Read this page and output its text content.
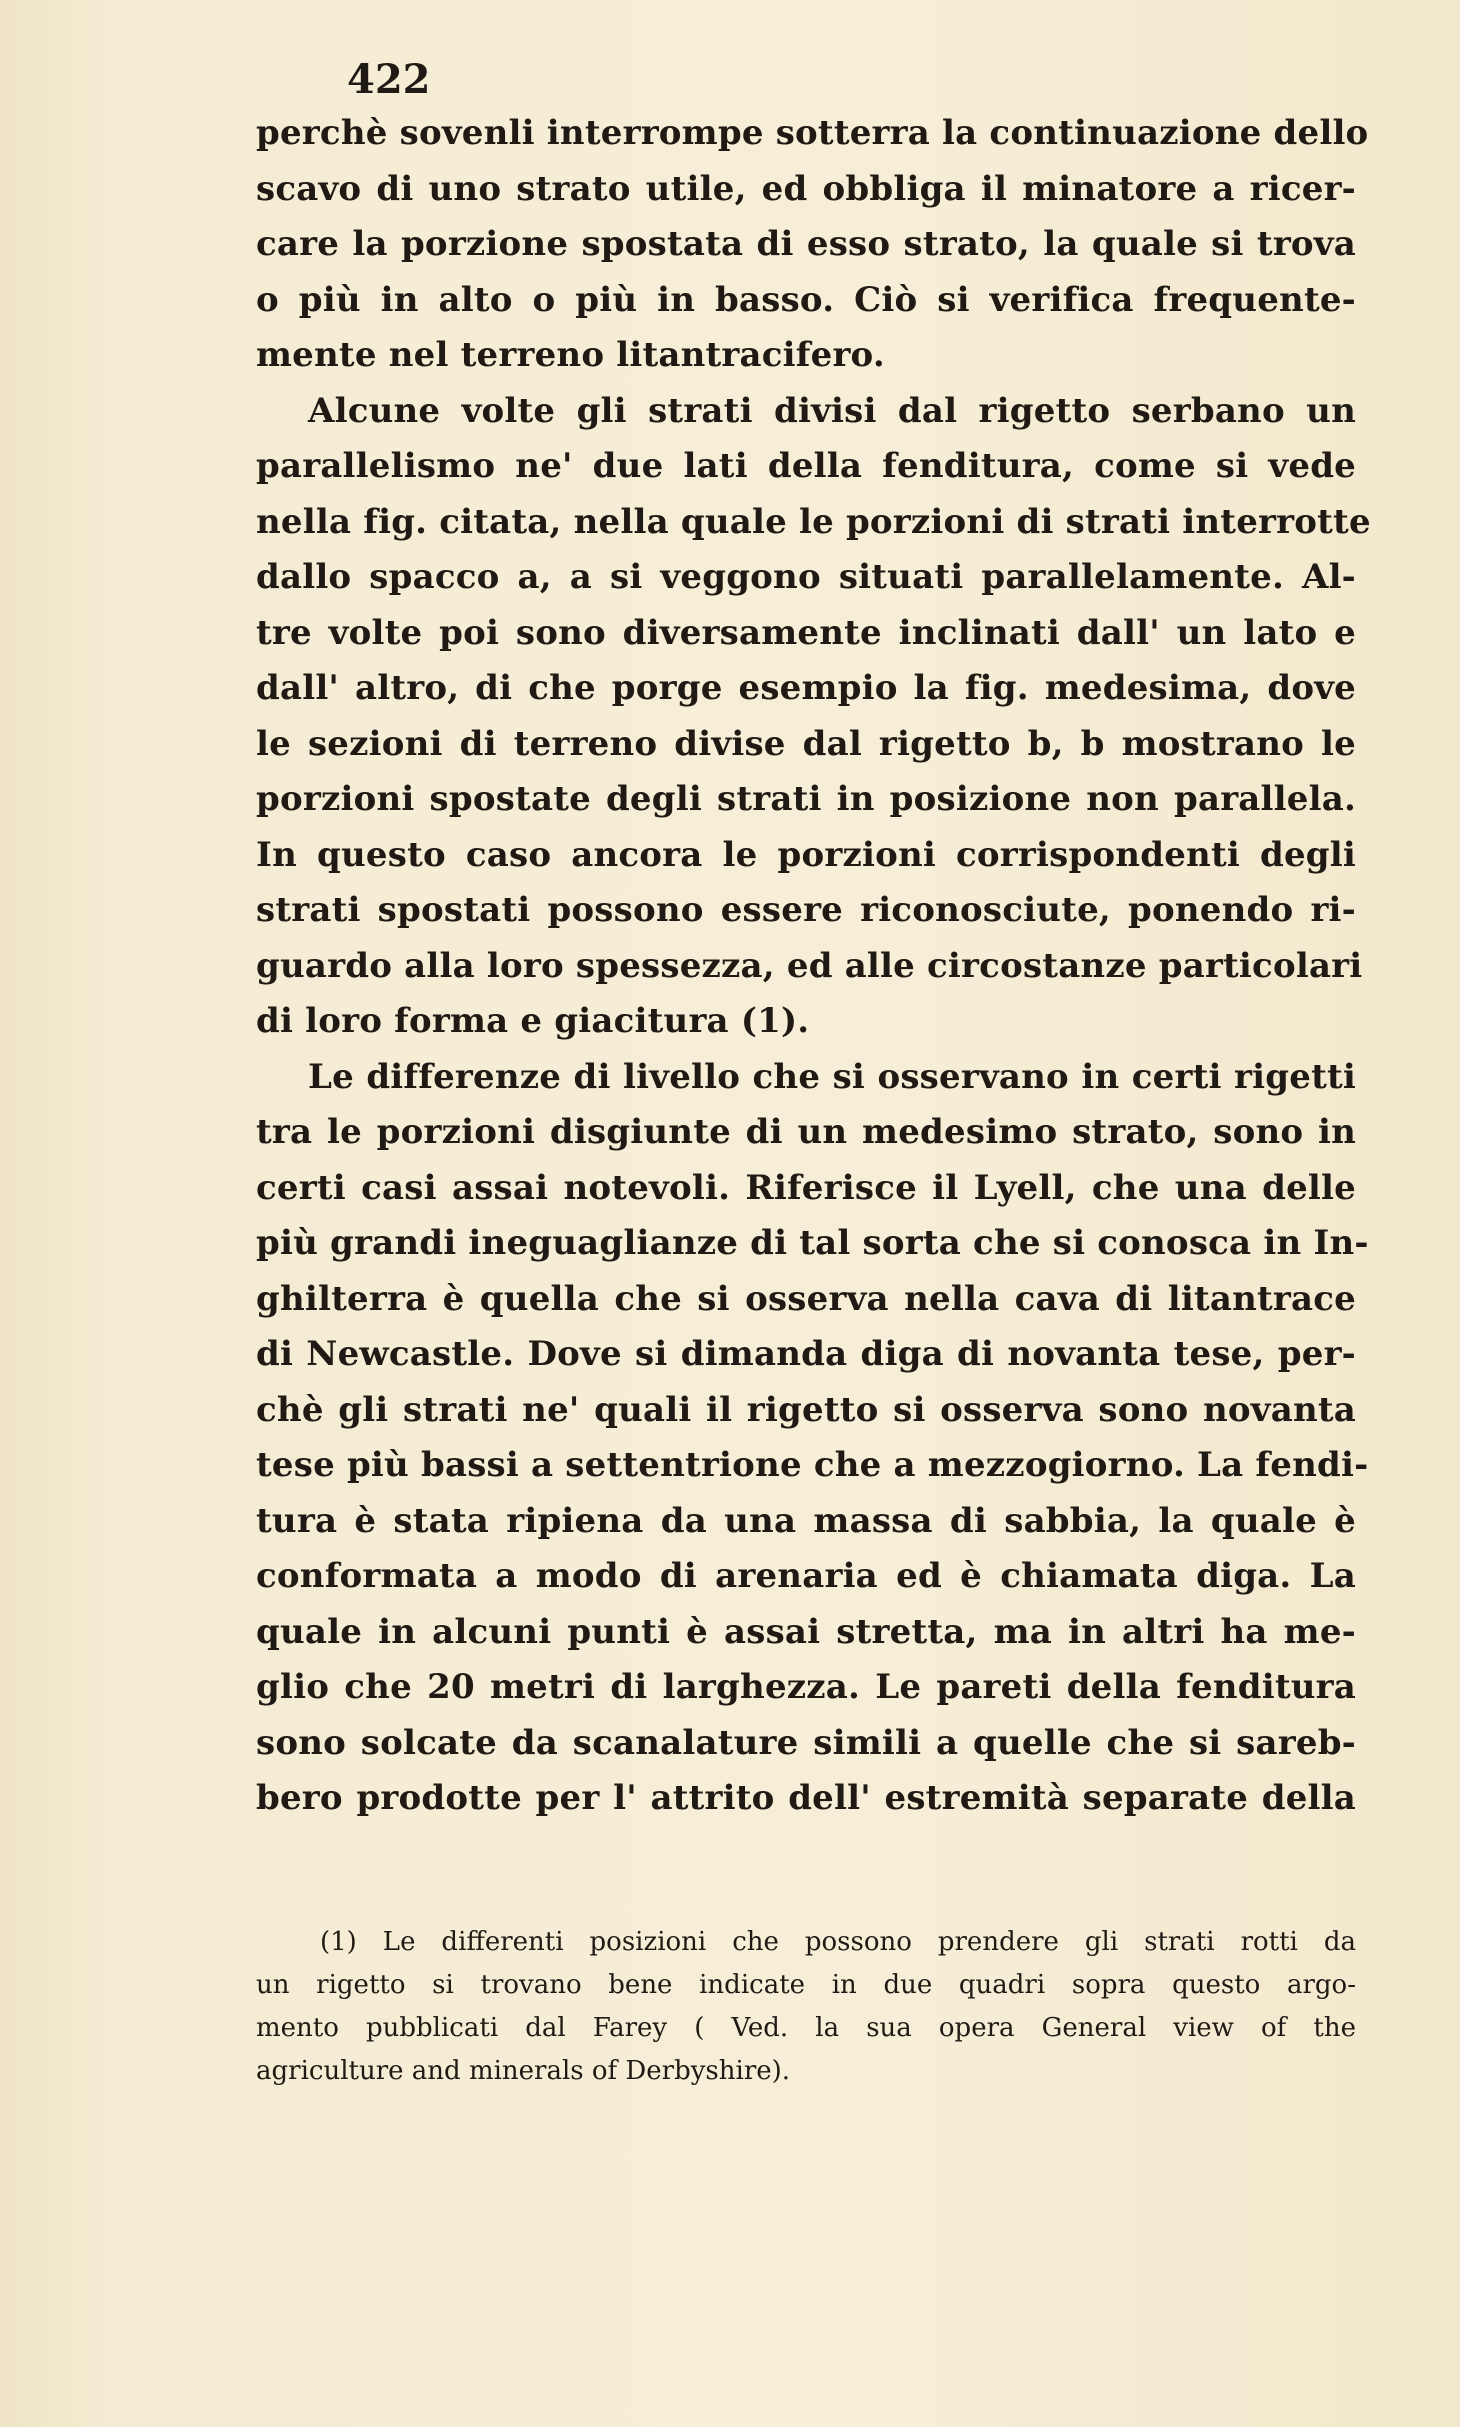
422
perchè sovenli interrompe sotterra la continuazione dello
scavo di uno strato utile, ed obbliga il minatore a ricer-
care la porzione spostata di esso strato, la quale si trova
o più in alto o più in basso. Ciò si verifica frequente-
mente nel terreno litantracifero.
Alcune volte gli strati divisi dal rigetto serbano un
parallelismo ne' due lati della fenditura, come si vede
nella fig. citata, nella quale le porzioni di strati interrotte
dallo spacco a, a si veggono situati parallelamente. Al-
tre volte poi sono diversamente inclinati dall' un lato e
dall' altro, di che porge esempio la fig. medesima, dove
le sezioni di terreno divise dal rigetto b, b mostrano le
porzioni spostate degli strati in posizione non parallela.
In questo caso ancora le porzioni corrispondenti degli
strati spostati possono essere riconosciute, ponendo ri-
guardo alla loro spessezza, ed alle circostanze particolari
di loro forma e giacitura (1).
Le differenze di livello che si osservano in certi rigetti
tra le porzioni disgiunte di un medesimo strato, sono in
certi casi assai notevoli. Riferisce il Lyell, che una delle
più grandi ineguaglianze di tal sorta che si conosca in In-
ghilterra è quella che si osserva nella cava di litantrace
di Newcastle. Dove si dimanda diga di novanta tese, per-
chè gli strati ne' quali il rigetto si osserva sono novanta
tese più bassi a settentrione che a mezzogiorno. La fendi-
tura è stata ripiena da una massa di sabbia, la quale è
conformata a modo di arenaria ed è chiamata diga. La
quale in alcuni punti è assai stretta, ma in altri ha me-
glio che 20 metri di larghezza. Le pareti della fenditura
sono solcate da scanalature simili a quelle che si sareb-
bero prodotte per l' attrito dell' estremità separate della
(1) Le differenti posizioni che possono prendere gli strati rotti da
un rigetto si trovano bene indicate in due quadri sopra questo argo-
mento pubblicati dal Farey ( Ved. la sua opera General view of the
agriculture and minerals of Derbyshire).
